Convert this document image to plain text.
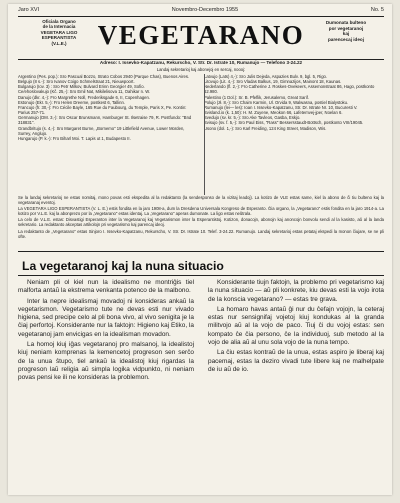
Jaro XVI	Novembro-Decembro 1955	No. 5
Oficiala Organo
de la Internacia
VEGETARA LIGO
ESPERANTISTA
(V.L.E.)	VEGETARANO	Dumonata bulteno
por vegetaranoj
kaj
parencecaj ideoj
Adreso: I. Issevko-Kapatzanu, Rekurscho, V. Str. Dr. Istrate 10, Rumanujo — Telefono 3-24.22
Landaj sekretarioj kaj abonejoj en sercaj, noooj:

Argentino (Pes. pop.): Sro Pascual Bozzo, Strato Cobos 2940 (Parque Chas), Buenos Aires.

Belgujo (8 s.-): Sro Ivanov Coigo Schmelstraat 21, Nieuwpoort.

Bulgarujo (Iov. 3) : Sro Petr Milkov, Bulvard Erinn Georgie! 49, Sofio.

Ce/ehoslovakujo (Kč. 25,-): Sro Emil Nat, Mikilelisova 11, Oahikar n. W.

Danujo (dkr. 4,-): Fro Margrethe Noll, Frederiksgade 6, II, Copenhagen.

Estonujo (Ekr. 5,-): Fro Helen Dreeme, postkest 6, Tallinn.

Francujo (fr. 30,-): Fro Cécile Bayle, 165 Rue du Faubourg, du Temple, Paris X, Pe. Kontin: Parius 257-71.

Germanujo (DM. 3,-): Sro Oscar Brunsmann, Hamburger St. Ilsetraise 79, R. Postfundo: "Bnd 318831".

Grandbritujo (s. 4,-): Sro Margaret Burne, „Bornemo" 19 Littlefield Avenue, Lower Morden, Surrey, Anglujo.

Hungarujo (P. k.-): Fro Biharl Moi. T. Lapis ut 1, Budapesto II.

Latvujo (Lats) 4,-): Sro Julis Dejeda, Aspazies Bulv. 9, bgl. 5, Rigo.

Litovujo (Lit. 4,-): Sro Vladas Balkus, 19, Gimnazijos, Mainont 18, Kaunas.

Nederlando (fl. 2,-): Fro Catherine J. Roskes-Ovekeers, Assemonstraat 86, Hago, postkonto 62.980.

Palestino (1 Dol.): Sr. B. Pfeflik, Jerusalemo, Great Sarif.

Polujo (zł. 8,-): Sro Chaim Karmin, Ul. Orvida 9, Walwasna, postiel Bialystoku.

Rumanujo (lei— les): Ioan I. Issevko-Kapatzanu, Str. Dr. Istrate Nr. 10, Bucuresti V.

Svisland.io (k. 1,50): H. M. Zuyene, Meokon 66, Lafetemvej-jper, Noelan 6.

Svedujo (sv. kr. 5,-): Sro Ake Tavleos, Gasba, Eskjo.

Svisujo (sv. f. 5,-): Sro Paul Eiss, "Rass" Bessersstaudt-Bottsch, postkonto VIII/19045.

Usono (dol. 1,-): Sro Karl Freiding, 124 King Street, Madison, Wis.

Se la landaj sekretarioj ne estas nomitaj, mono povas esti ekspedita al la redaktanto (la sendesponso de la vizitaj leadoj). La kotizo de VLE estas same, kiel la abono de ĉi tiu bulteno kaj la vegetaranaj eventoj.

La VEGETARA LIGO ESPERANTISTA (V. L. E.) estis fondita en la jaro 1908-a, dum la Dresdena Universala Kongreso de Esperanto. Ĝia organo, la „Vegetarano" estis fondita en la jaro 1914-a. La kotizo por V.L.E. kaj la abonprezo por la „Vegetarano" estas identaj. La „Vegetarano" aperas dumonate. La ligo estas neŭtrala.

La celo de V.L.E. estas: Disvastigi Esperanton inter la Vegetaranoj kaj Vegetarismon inter la Esperantistoj. Kotizon, donacojn, abonojn kaj anoncojn bonvolu sendi al la kasisto, aŭ al la landa sekretario. La redaktanto akceptas artikolojn pri vegetarismo kaj parencaj ideoj.

La redaktanto de „Vegetarano" estas Sinjoro I. Issevko-Kapatzanu, Rekurscho, V. Str. Dr. Istrate 10. Telef. 3-24.22. Rumanujo. Landaj sekretarioj estas petataj ekspedi la monon ĉiujare, se ne pli ofte.

La vegetaranoj kaj la nuna situacio

Neniam pli ol kiel nun la idealismo ne montriĝis tiel malforta antaŭ la ekstrema venkanta potenco de la malbono.

Inter la nepre idealismaj movadoj ni konsideras ankaŭ la vegetarismon. Vegetarismo tute ne devas esti nur vivado higiena, sed precipe celo al pli bona vivo, al vivo senigita je la ĉiaj perfortoj. Konsiderante nur la faktojn: Higieno kaj Etiko, la vegetaranoj jam envicigas en la idealisman movadon.

La homoj kiuj iĝas vegetaranoj pro malsanoj, la idealistoj kiuj neniam komprenas la kemencetoj progreson sen serĉo de la unua ŝtupo, tiel ankaŭ la idealistoj kiuj rigardas la progreson laŭ religia aŭ simpla logika vidpunkto, ni neniam povas pensi ke ili ne konsideras la problemon.

Konsiderante tiujn faktojn, la problemo pri vegetarismo kaj la nuna situacio — aŭ pli konkrete, kiu devas esti la vojo irota de la konscia vegetarano? — estas tre grava.

La homaro havas antaŭ ĝi nur du ĉefajn vojojn, la ceteraj estas nur sensignifaj vojetoj kiuj kondukas al la granda militvojo aŭ al la vojo de paco. Tiuj ĉi du vojoj estas: sen kompato ĉe ĉia persono, ĉe la individuoj, sub metodo al la vojo de alia aŭ al unu sola vojo de la nuna tempo.

La ĉiu estas kontraŭ de la unua, estas aspiro je liberaj kaj pacemaj, estas la deziro vivadi tute libere kaj ne malhelpate de iu aŭ de io.
